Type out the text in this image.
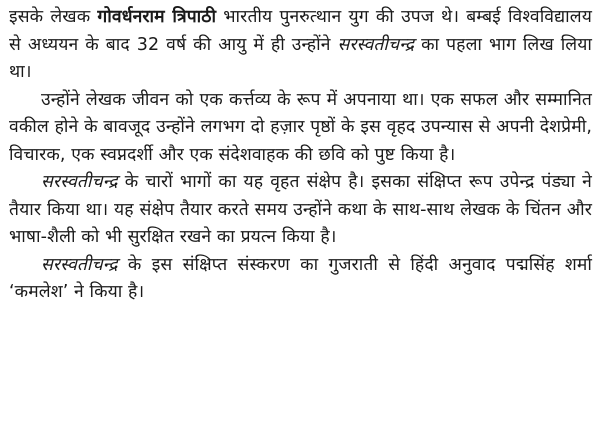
इसके लेखक गोवर्धनराम त्रिपाठी भारतीय पुनरुत्थान युग की उपज थे। बम्बई विश्वविद्यालय से अध्ययन के बाद 32 वर्ष की आयु में ही उन्होंने सरस्वतीचन्द्र का पहला भाग लिख लिया था।

उन्होंने लेखक जीवन को एक कर्त्तव्य के रूप में अपनाया था। एक सफल और सम्मानित वकील होने के बावजूद उन्होंने लगभग दो हज़ार पृष्ठों के इस वृहद उपन्यास से अपनी देशप्रेमी, विचारक, एक स्वप्नदर्शी और एक संदेशवाहक की छवि को पुष्ट किया है।

सरस्वतीचन्द्र के चारों भागों का यह वृहत संक्षेप है। इसका संक्षिप्त रूप उपेन्द्र पंड्या ने तैयार किया था। यह संक्षेप तैयार करते समय उन्होंने कथा के साथ-साथ लेखक के चिंतन और भाषा-शैली को भी सुरक्षित रखने का प्रयत्न किया है।

सरस्वतीचन्द्र के इस संक्षिप्त संस्करण का गुजराती से हिंदी अनुवाद पद्मसिंह शर्मा ‘कमलेश’ ने किया है।
